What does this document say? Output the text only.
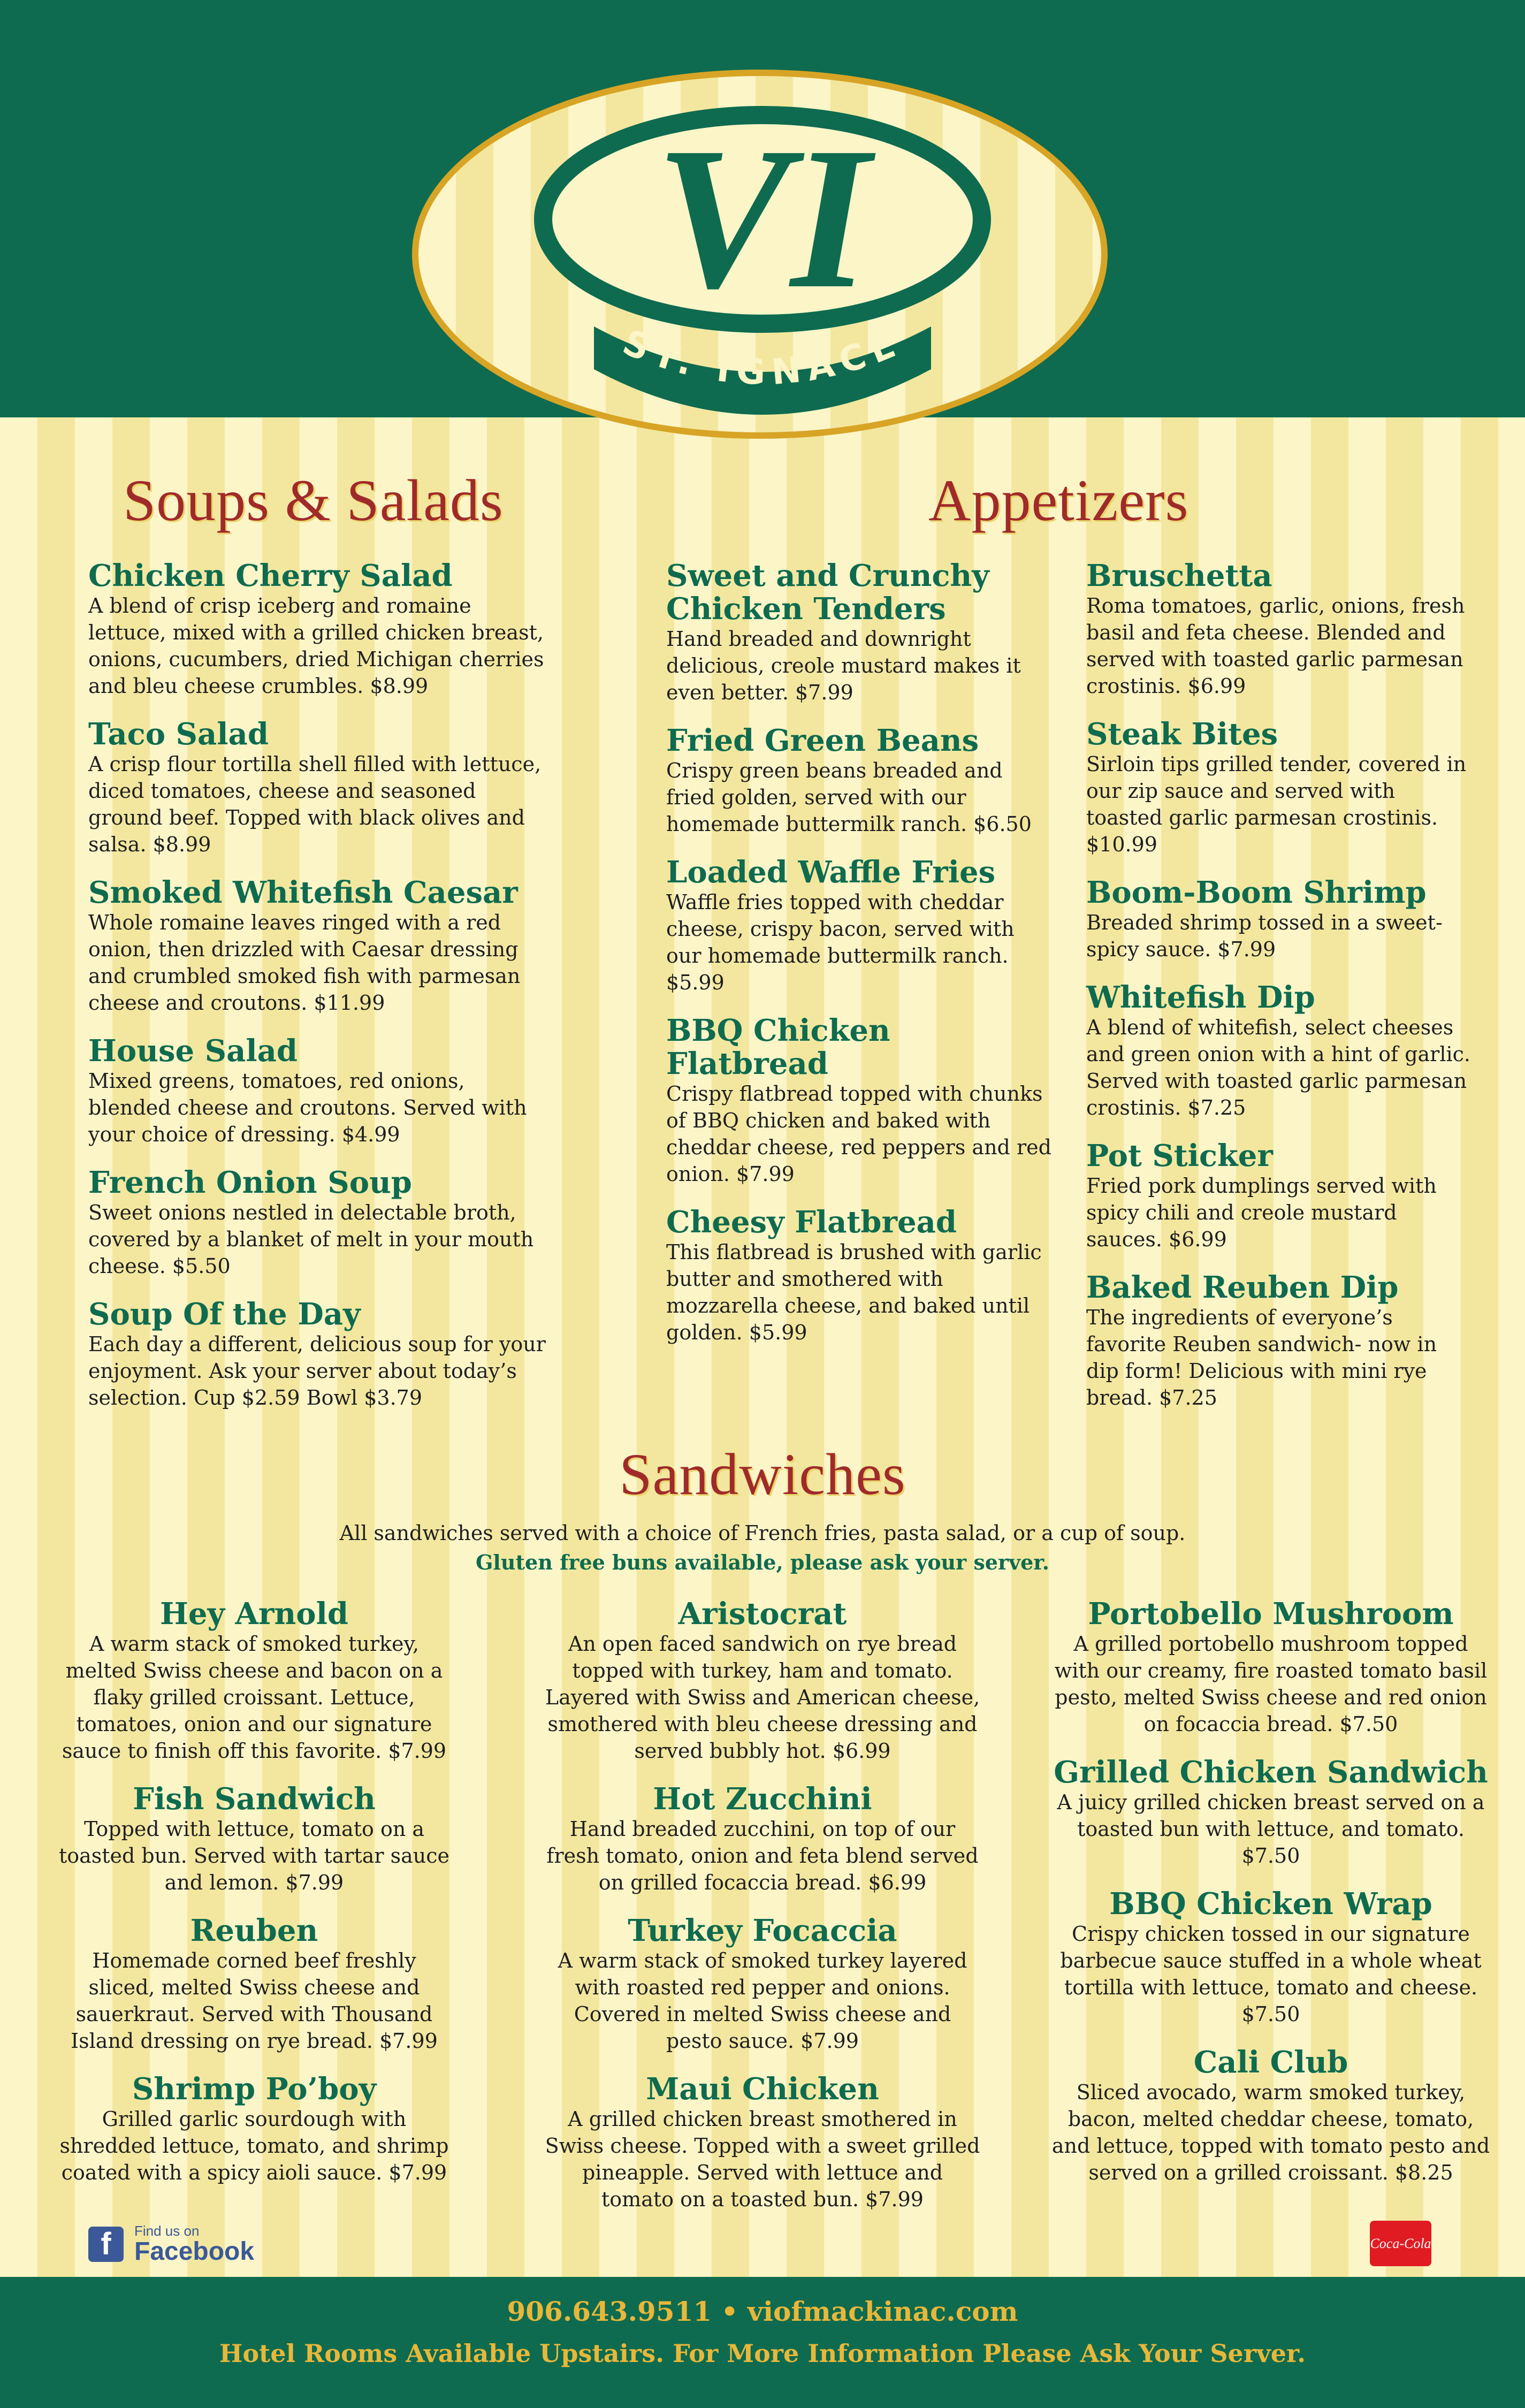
VI
ST. IGNACE
Soups & Salads
Chicken Cherry Salad

A blend of crisp iceberg and romaine lettuce, mixed with a grilled chicken breast, onions, cucumbers, dried Michigan cherries and bleu cheese crumbles. $8.99

Taco Salad

A crisp flour tortilla shell filled with lettuce, diced tomatoes, cheese and seasoned ground beef. Topped with black olives and salsa. $8.99

Smoked Whitefish Caesar

Whole romaine leaves ringed with a red onion, then drizzled with Caesar dressing and crumbled smoked fish with parmesan cheese and croutons. $11.99

House Salad

Mixed greens, tomatoes, red onions, blended cheese and croutons. Served with your choice of dressing. $4.99

French Onion Soup

Sweet onions nestled in delectable broth, covered by a blanket of melt in your mouth cheese. $5.50

Soup Of the Day

Each day a different, delicious soup for your enjoyment. Ask your server about today’s selection. Cup $2.59 Bowl $3.79

Appetizers
Sweet and Crunchy Chicken Tenders

Hand breaded and downright delicious, creole mustard makes it even better. $7.99

Fried Green Beans

Crispy green beans breaded and fried golden, served with our homemade buttermilk ranch. $6.50

Loaded Waffle Fries

Waffle fries topped with cheddar cheese, crispy bacon, served with our homemade buttermilk ranch. $5.99

BBQ Chicken Flatbread

Crispy flatbread topped with chunks of BBQ chicken and baked with cheddar cheese, red peppers and red onion. $7.99

Cheesy Flatbread

This flatbread is brushed with garlic butter and smothered with mozzarella cheese, and baked until golden. $5.99

Bruschetta

Roma tomatoes, garlic, onions, fresh basil and feta cheese. Blended and served with toasted garlic parmesan crostinis. $6.99

Steak Bites

Sirloin tips grilled tender, covered in our zip sauce and served with toasted garlic parmesan crostinis. $10.99

Boom-Boom Shrimp

Breaded shrimp tossed in a sweet-spicy sauce. $7.99

Whitefish Dip

A blend of whitefish, select cheeses and green onion with a hint of garlic. Served with toasted garlic parmesan crostinis. $7.25

Pot Sticker

Fried pork dumplings served with spicy chili and creole mustard sauces. $6.99

Baked Reuben Dip

The ingredients of everyone’s favorite Reuben sandwich- now in dip form! Delicious with mini rye bread. $7.25

Sandwiches

All sandwiches served with a choice of French fries, pasta salad, or a cup of soup.

Gluten free buns available, please ask your server.

Hey Arnold

A warm stack of smoked turkey, melted Swiss cheese and bacon on a flaky grilled croissant. Lettuce, tomatoes, onion and our signature sauce to finish off this favorite. $7.99

Fish Sandwich

Topped with lettuce, tomato on a toasted bun. Served with tartar sauce and lemon. $7.99

Reuben

Homemade corned beef freshly sliced, melted Swiss cheese and sauerkraut. Served with Thousand Island dressing on rye bread. $7.99

Shrimp Po’boy

Grilled garlic sourdough with shredded lettuce, tomato, and shrimp coated with a spicy aioli sauce. $7.99

Aristocrat

An open faced sandwich on rye bread topped with turkey, ham and tomato. Layered with Swiss and American cheese, smothered with bleu cheese dressing and served bubbly hot. $6.99

Hot Zucchini

Hand breaded zucchini, on top of our fresh tomato, onion and feta blend served on grilled focaccia bread. $6.99

Turkey Focaccia

A warm stack of smoked turkey layered with roasted red pepper and onions. Covered in melted Swiss cheese and pesto sauce. $7.99

Maui Chicken

A grilled chicken breast smothered in Swiss cheese. Topped with a sweet grilled pineapple. Served with lettuce and tomato on a toasted bun. $7.99

Portobello Mushroom

A grilled portobello mushroom topped with our creamy, fire roasted tomato basil pesto, melted Swiss cheese and red onion on focaccia bread. $7.50

Grilled Chicken Sandwich

A juicy grilled chicken breast served on a toasted bun with lettuce, and tomato. $7.50

BBQ Chicken Wrap

Crispy chicken tossed in our signature barbecue sauce stuffed in a whole wheat tortilla with lettuce, tomato and cheese. $7.50

Cali Club

Sliced avocado, warm smoked turkey, bacon, melted cheddar cheese, tomato, and lettuce, topped with tomato pesto and served on a grilled croissant. $8.25

f	Find us on
Facebook	Coca-Cola

906.643.9511 • viofmackinac.com

Hotel Rooms Available Upstairs. For More Information Please Ask Your Server.
